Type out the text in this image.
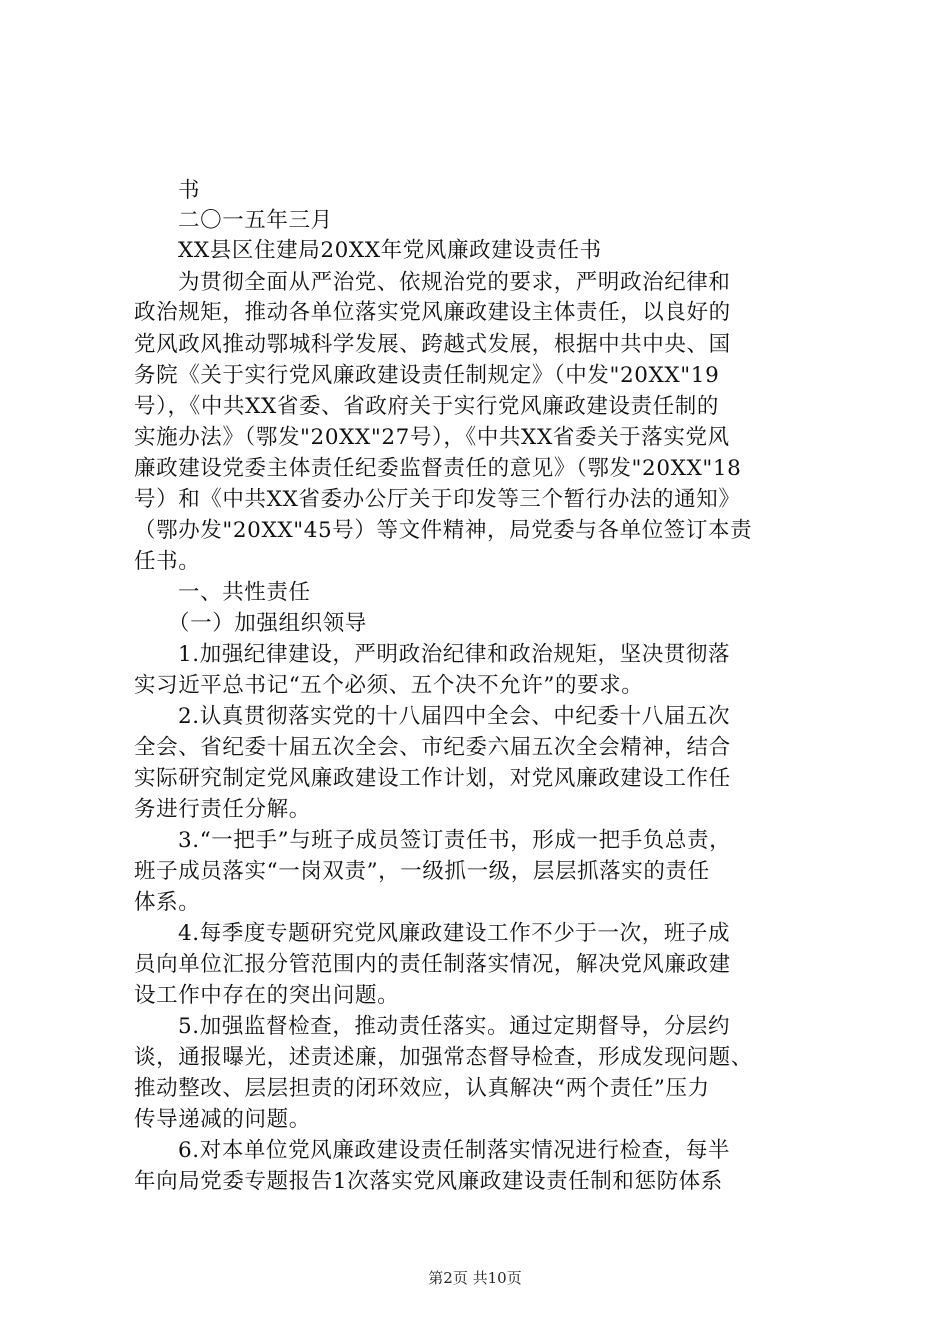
书
二〇一五年三月
XX县区住建局20XX年党风廉政建设责任书
为贯彻全面从严治党、依规治党的要求，严明政治纪律和
政治规矩，推动各单位落实党风廉政建设主体责任，以良好的
党风政风推动鄂城科学发展、跨越式发展，根据中共中央、国
务院《关于实行党风廉政建设责任制规定》（中发"20XX"19
号），《中共XX省委、省政府关于实行党风廉政建设责任制的
实施办法》（鄂发"20XX"27号），《中共XX省委关于落实党风
廉政建设党委主体责任纪委监督责任的意见》（鄂发"20XX"18
号）和《中共XX省委办公厅关于印发等三个暂行办法的通知》
（鄂办发"20XX"45号）等文件精神，局党委与各单位签订本责
任书。
一、共性责任
（一）加强组织领导
1.加强纪律建设，严明政治纪律和政治规矩，坚决贯彻落
实习近平总书记“五个必须、五个决不允许”的要求。
2.认真贯彻落实党的十八届四中全会、中纪委十八届五次
全会、省纪委十届五次全会、市纪委六届五次全会精神，结合
实际研究制定党风廉政建设工作计划，对党风廉政建设工作任
务进行责任分解。
3.“一把手”与班子成员签订责任书，形成一把手负总责，
班子成员落实“一岗双责”，一级抓一级，层层抓落实的责任
体系。
4.每季度专题研究党风廉政建设工作不少于一次，班子成
员向单位汇报分管范围内的责任制落实情况，解决党风廉政建
设工作中存在的突出问题。
5.加强监督检查，推动责任落实。通过定期督导，分层约
谈，通报曝光，述责述廉，加强常态督导检查，形成发现问题、
推动整改、层层担责的闭环效应，认真解决“两个责任”压力
传导递减的问题。
6.对本单位党风廉政建设责任制落实情况进行检查，每半
年向局党委专题报告1次落实党风廉政建设责任制和惩防体系
第2页 共10页
